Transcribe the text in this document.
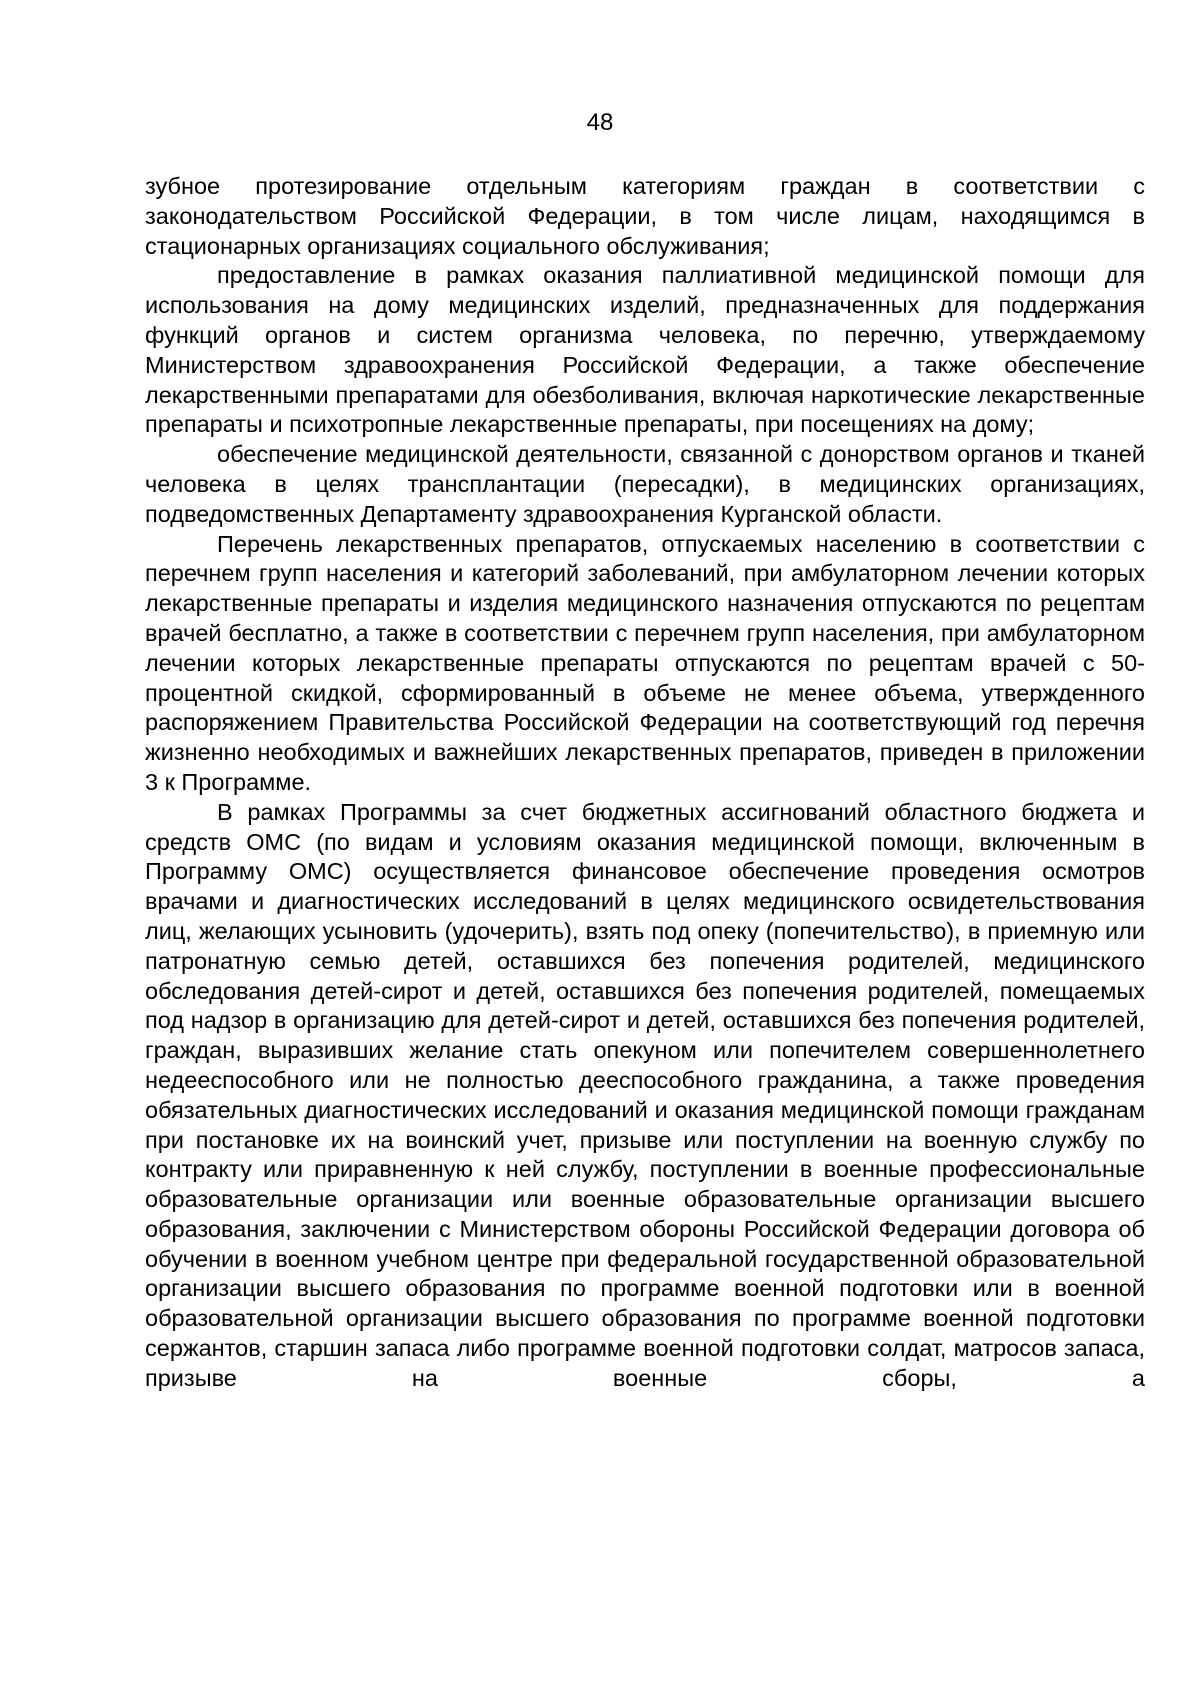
48

зубное протезирование отдельным категориям граждан в соответствии с законодательством Российской Федерации, в том числе лицам, находящимся в стационарных организациях социального обслуживания;

предоставление в рамках оказания паллиативной медицинской помощи для использования на дому медицинских изделий, предназначенных для поддержания функций органов и систем организма человека, по перечню, утверждаемому Министерством здравоохранения Российской Федерации, а также обеспечение лекарственными препаратами для обезболивания, включая наркотические лекарственные препараты и психотропные лекарственные препараты, при посещениях на дому;

обеспечение медицинской деятельности, связанной с донорством органов и тканей человека в целях трансплантации (пересадки), в медицинских организациях, подведомственных Департаменту здравоохранения Курганской области.

Перечень лекарственных препаратов, отпускаемых населению в соответствии с перечнем групп населения и категорий заболеваний, при амбулаторном лечении которых лекарственные препараты и изделия медицинского назначения отпускаются по рецептам врачей бесплатно, а также в соответствии с перечнем групп населения, при амбулаторном лечении которых лекарственные препараты отпускаются по рецептам врачей с 50-процентной скидкой, сформированный в объеме не менее объема, утвержденного распоряжением Правительства Российской Федерации на соответствующий год перечня жизненно необходимых и важнейших лекарственных препаратов, приведен в приложении 3 к Программе.

В рамках Программы за счет бюджетных ассигнований областного бюджета и средств ОМС (по видам и условиям оказания медицинской помощи, включенным в Программу ОМС) осуществляется финансовое обеспечение проведения осмотров врачами и диагностических исследований в целях медицинского освидетельствования лиц, желающих усыновить (удочерить), взять под опеку (попечительство), в приемную или патронатную семью детей, оставшихся без попечения родителей, медицинского обследования детей-сирот и детей, оставшихся без попечения родителей, помещаемых под надзор в организацию для детей-сирот и детей, оставшихся без попечения родителей, граждан, выразивших желание стать опекуном или попечителем совершеннолетнего недееспособного или не полностью дееспособного гражданина, а также проведения обязательных диагностических исследований и оказания медицинской помощи гражданам при постановке их на воинский учет, призыве или поступлении на военную службу по контракту или приравненную к ней службу, поступлении в военные профессиональные образовательные организации или военные образовательные организации высшего образования, заключении с Министерством обороны Российской Федерации договора об обучении в военном учебном центре при федеральной государственной образовательной организации высшего образования по программе военной подготовки или в военной образовательной организации высшего образования по программе военной подготовки сержантов, старшин запаса либо программе военной подготовки солдат, матросов запаса, призыве на военные сборы, а
